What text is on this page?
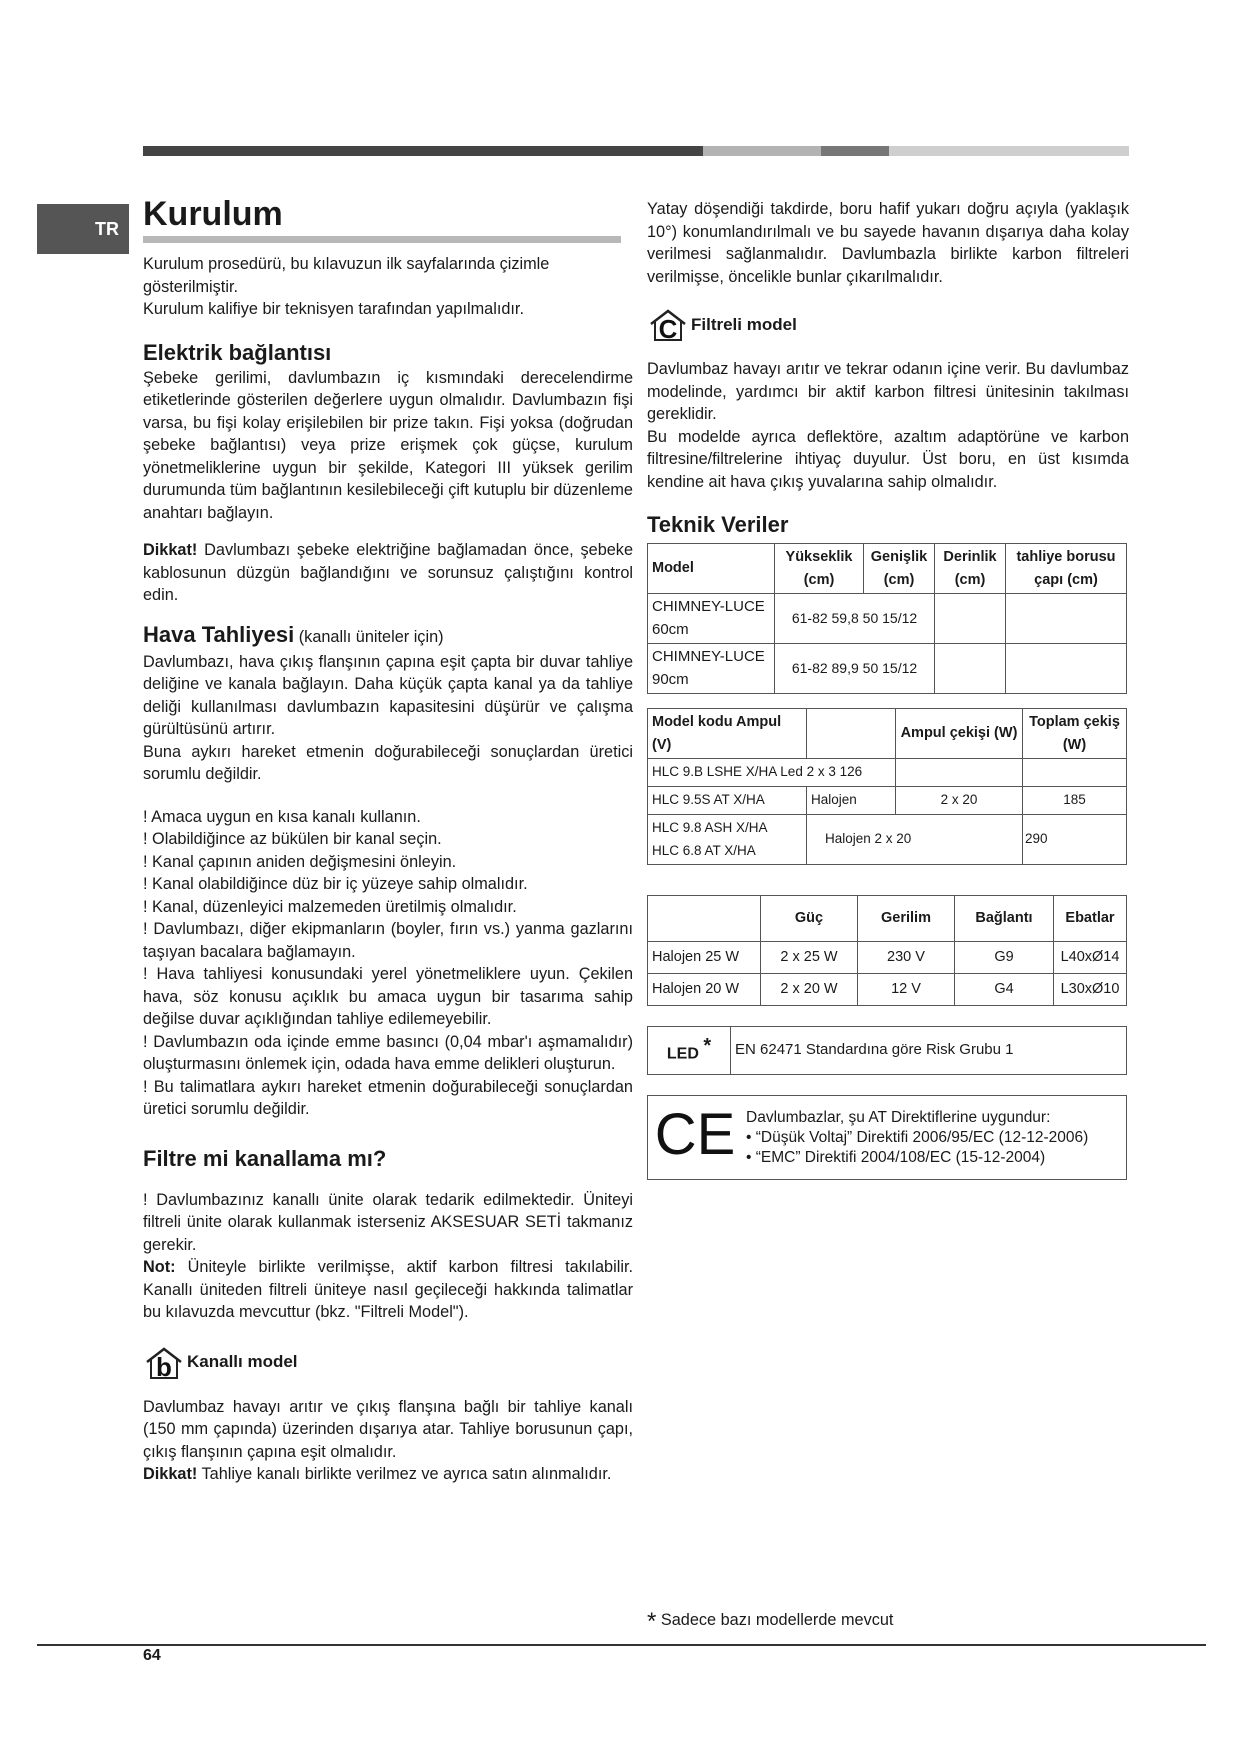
TR Kurulum

Kurulum prosedürü, bu kılavuzun ilk sayfalarında çizimle gösterilmiştir.

Kurulum kalifiye bir teknisyen tarafından yapılmalıdır.

Elektrik bağlantısı

Şebeke gerilimi, davlumbazın iç kısmındaki derecelendirme etiketlerinde gösterilen değerlere uygun olmalıdır. Davlumbazın fişi varsa, bu fişi kolay erişilebilen bir prize takın. Fişi yoksa (doğrudan şebeke bağlantısı) veya prize erişmek çok güçse, kurulum yönetmeliklerine uygun bir şekilde, Kategori III yüksek gerilim durumunda tüm bağlantının kesilebileceği çift kutuplu bir düzenleme anahtarı bağlayın.

Dikkat! Davlumbazı şebeke elektriğine bağlamadan önce, şebeke kablosunun düzgün bağlandığını ve sorunsuz çalıştığını kontrol edin.

Hava Tahliyesi (kanallı üniteler için)

Davlumbazı, hava çıkış flanşının çapına eşit çapta bir duvar tahliye deliğine ve kanala bağlayın. Daha küçük çapta kanal ya da tahliye deliği kullanılması davlumbazın kapasitesini düşürür ve çalışma gürültüsünü artırır.

Buna aykırı hareket etmenin doğurabileceği sonuçlardan üretici sorumlu değildir.

! Amaca uygun en kısa kanalı kullanın.

! Olabildiğince az bükülen bir kanal seçin.

! Kanal çapının aniden değişmesini önleyin.

! Kanal olabildiğince düz bir iç yüzeye sahip olmalıdır.

! Kanal, düzenleyici malzemeden üretilmiş olmalıdır.

! Davlumbazı, diğer ekipmanların (boyler, fırın vs.) yanma gazlarını taşıyan bacalara bağlamayın.

! Hava tahliyesi konusundaki yerel yönetmeliklere uyun. Çekilen hava, söz konusu açıklık bu amaca uygun bir tasarıma sahip değilse duvar açıklığından tahliye edilemeyebilir.

! Davlumbazın oda içinde emme basıncı (0,04 mbar'ı aşmamalıdır) oluşturmasını önlemek için, odada hava emme delikleri oluşturun.

! Bu talimatlara aykırı hareket etmenin doğurabileceği sonuçlardan üretici sorumlu değildir.

Filtre mi kanallama mı?

! Davlumbazınız kanallı ünite olarak tedarik edilmektedir. Üniteyi filtreli ünite olarak kullanmak isterseniz AKSESUAR SETİ takmanız gerekir.

Not: Üniteyle birlikte verilmişse, aktif karbon filtresi takılabilir. Kanallı üniteden filtreli üniteye nasıl geçileceği hakkında talimatlar bu kılavuzda mevcuttur (bkz. "Filtreli Model").

b Kanallı model

Davlumbaz havayı arıtır ve çıkış flanşına bağlı bir tahliye kanalı (150 mm çapında) üzerinden dışarıya atar. Tahliye borusunun çapı, çıkış flanşının çapına eşit olmalıdır.

Dikkat! Tahliye kanalı birlikte verilmez ve ayrıca satın alınmalıdır.

Yatay döşendiği takdirde, boru hafif yukarı doğru açıyla (yaklaşık 10°) konumlandırılmalı ve bu sayede havanın dışarıya daha kolay verilmesi sağlanmalıdır. Davlumbazla birlikte karbon filtreleri verilmişse, öncelikle bunlar çıkarılmalıdır.

C Filtreli model

Davlumbaz havayı arıtır ve tekrar odanın içine verir. Bu davlumbaz modelinde, yardımcı bir aktif karbon filtresi ünitesinin takılması gereklidir.

Bu modelde ayrıca deflektöre, azaltım adaptörüne ve karbon filtresine/filtrelerine ihtiyaç duyulur. Üst boru, en üst kısımda kendine ait hava çıkış yuvalarına sahip olmalıdır.

Teknik Veriler
Model	Yükseklik (cm)	Genişlik (cm)	Derinlik (cm)	tahliye borusu çapı (cm)
CHIMNEY-LUCE 60cm	61-82 59,8 50 15/12			
CHIMNEY-LUCE 90cm	61-82 89,9 50 15/12			
Model kodu Ampul (V)		Ampul çekişi (W)	Toplam çekiş (W)
HLC 9.B LSHE X/HA Led 2 x 3 126			
HLC 9.5S AT X/HA	Halojen	2 x 20	185

HLC 9.8 ASH X/HA
HLC 6.8 AT X/HA	Halojen 2 x 20		290
	Güç	Gerilim	Bağlantı	Ebatlar
Halojen 25 W	2 x 25 W	230 V	G9	L40xØ14
Halojen 20 W	2 x 20 W	12 V	G4	L30xØ10
LED *	EN 62471 Standardına göre Risk Grubu 1
CE	Davlumbazlar, şu AT Direktiflerine uygundur:
• “Düşük Voltaj” Direktifi 2006/95/EC (12-12-2006)
• “EMC” Direktifi 2004/108/EC (15-12-2004)
* Sadece bazı modellerde mevcut
64
